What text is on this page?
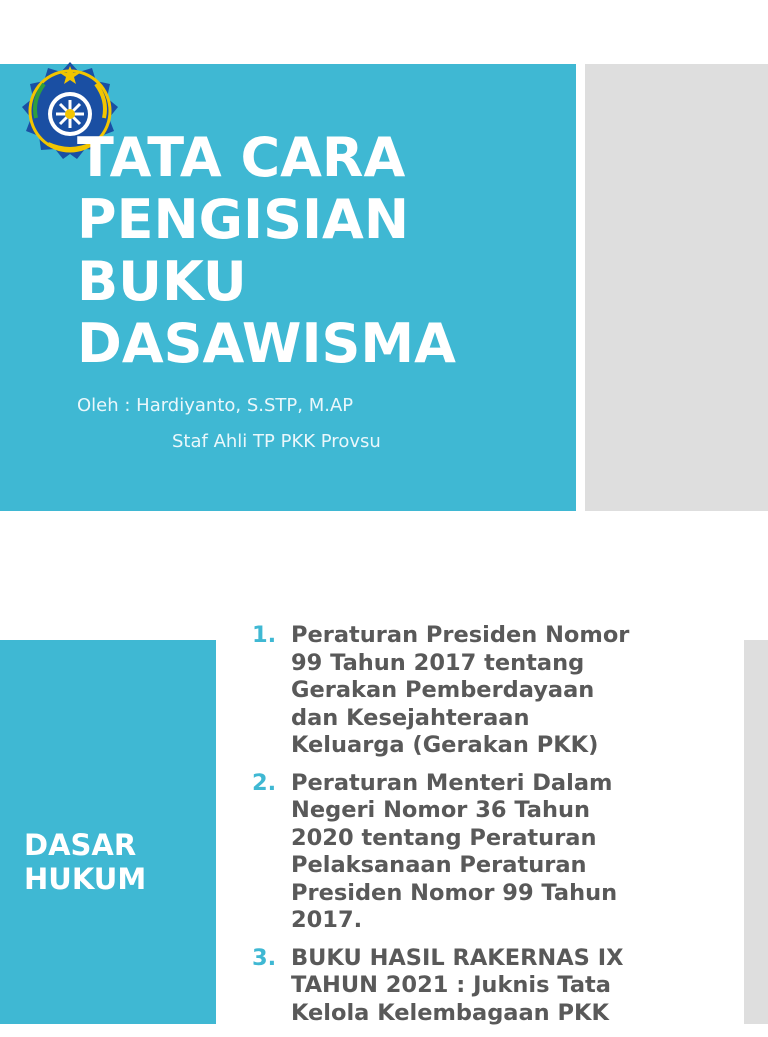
TATA CARA
PENGISIAN
BUKU
DASAWISMA
Oleh : Hardiyanto, S.STP, M.AP
Staf Ahli TP PKK Provsu
DASAR
HUKUM
1. Peraturan Presiden Nomor
99 Tahun 2017 tentang
Gerakan Pemberdayaan
dan Kesejahteraan
Keluarga (Gerakan PKK)
2. Peraturan Menteri Dalam
Negeri Nomor 36 Tahun
2020 tentang Peraturan
Pelaksanaan Peraturan
Presiden Nomor 99 Tahun
2017.
3. BUKU HASIL RAKERNAS IX
TAHUN 2021 : Juknis Tata
Kelola Kelembagaan PKK
